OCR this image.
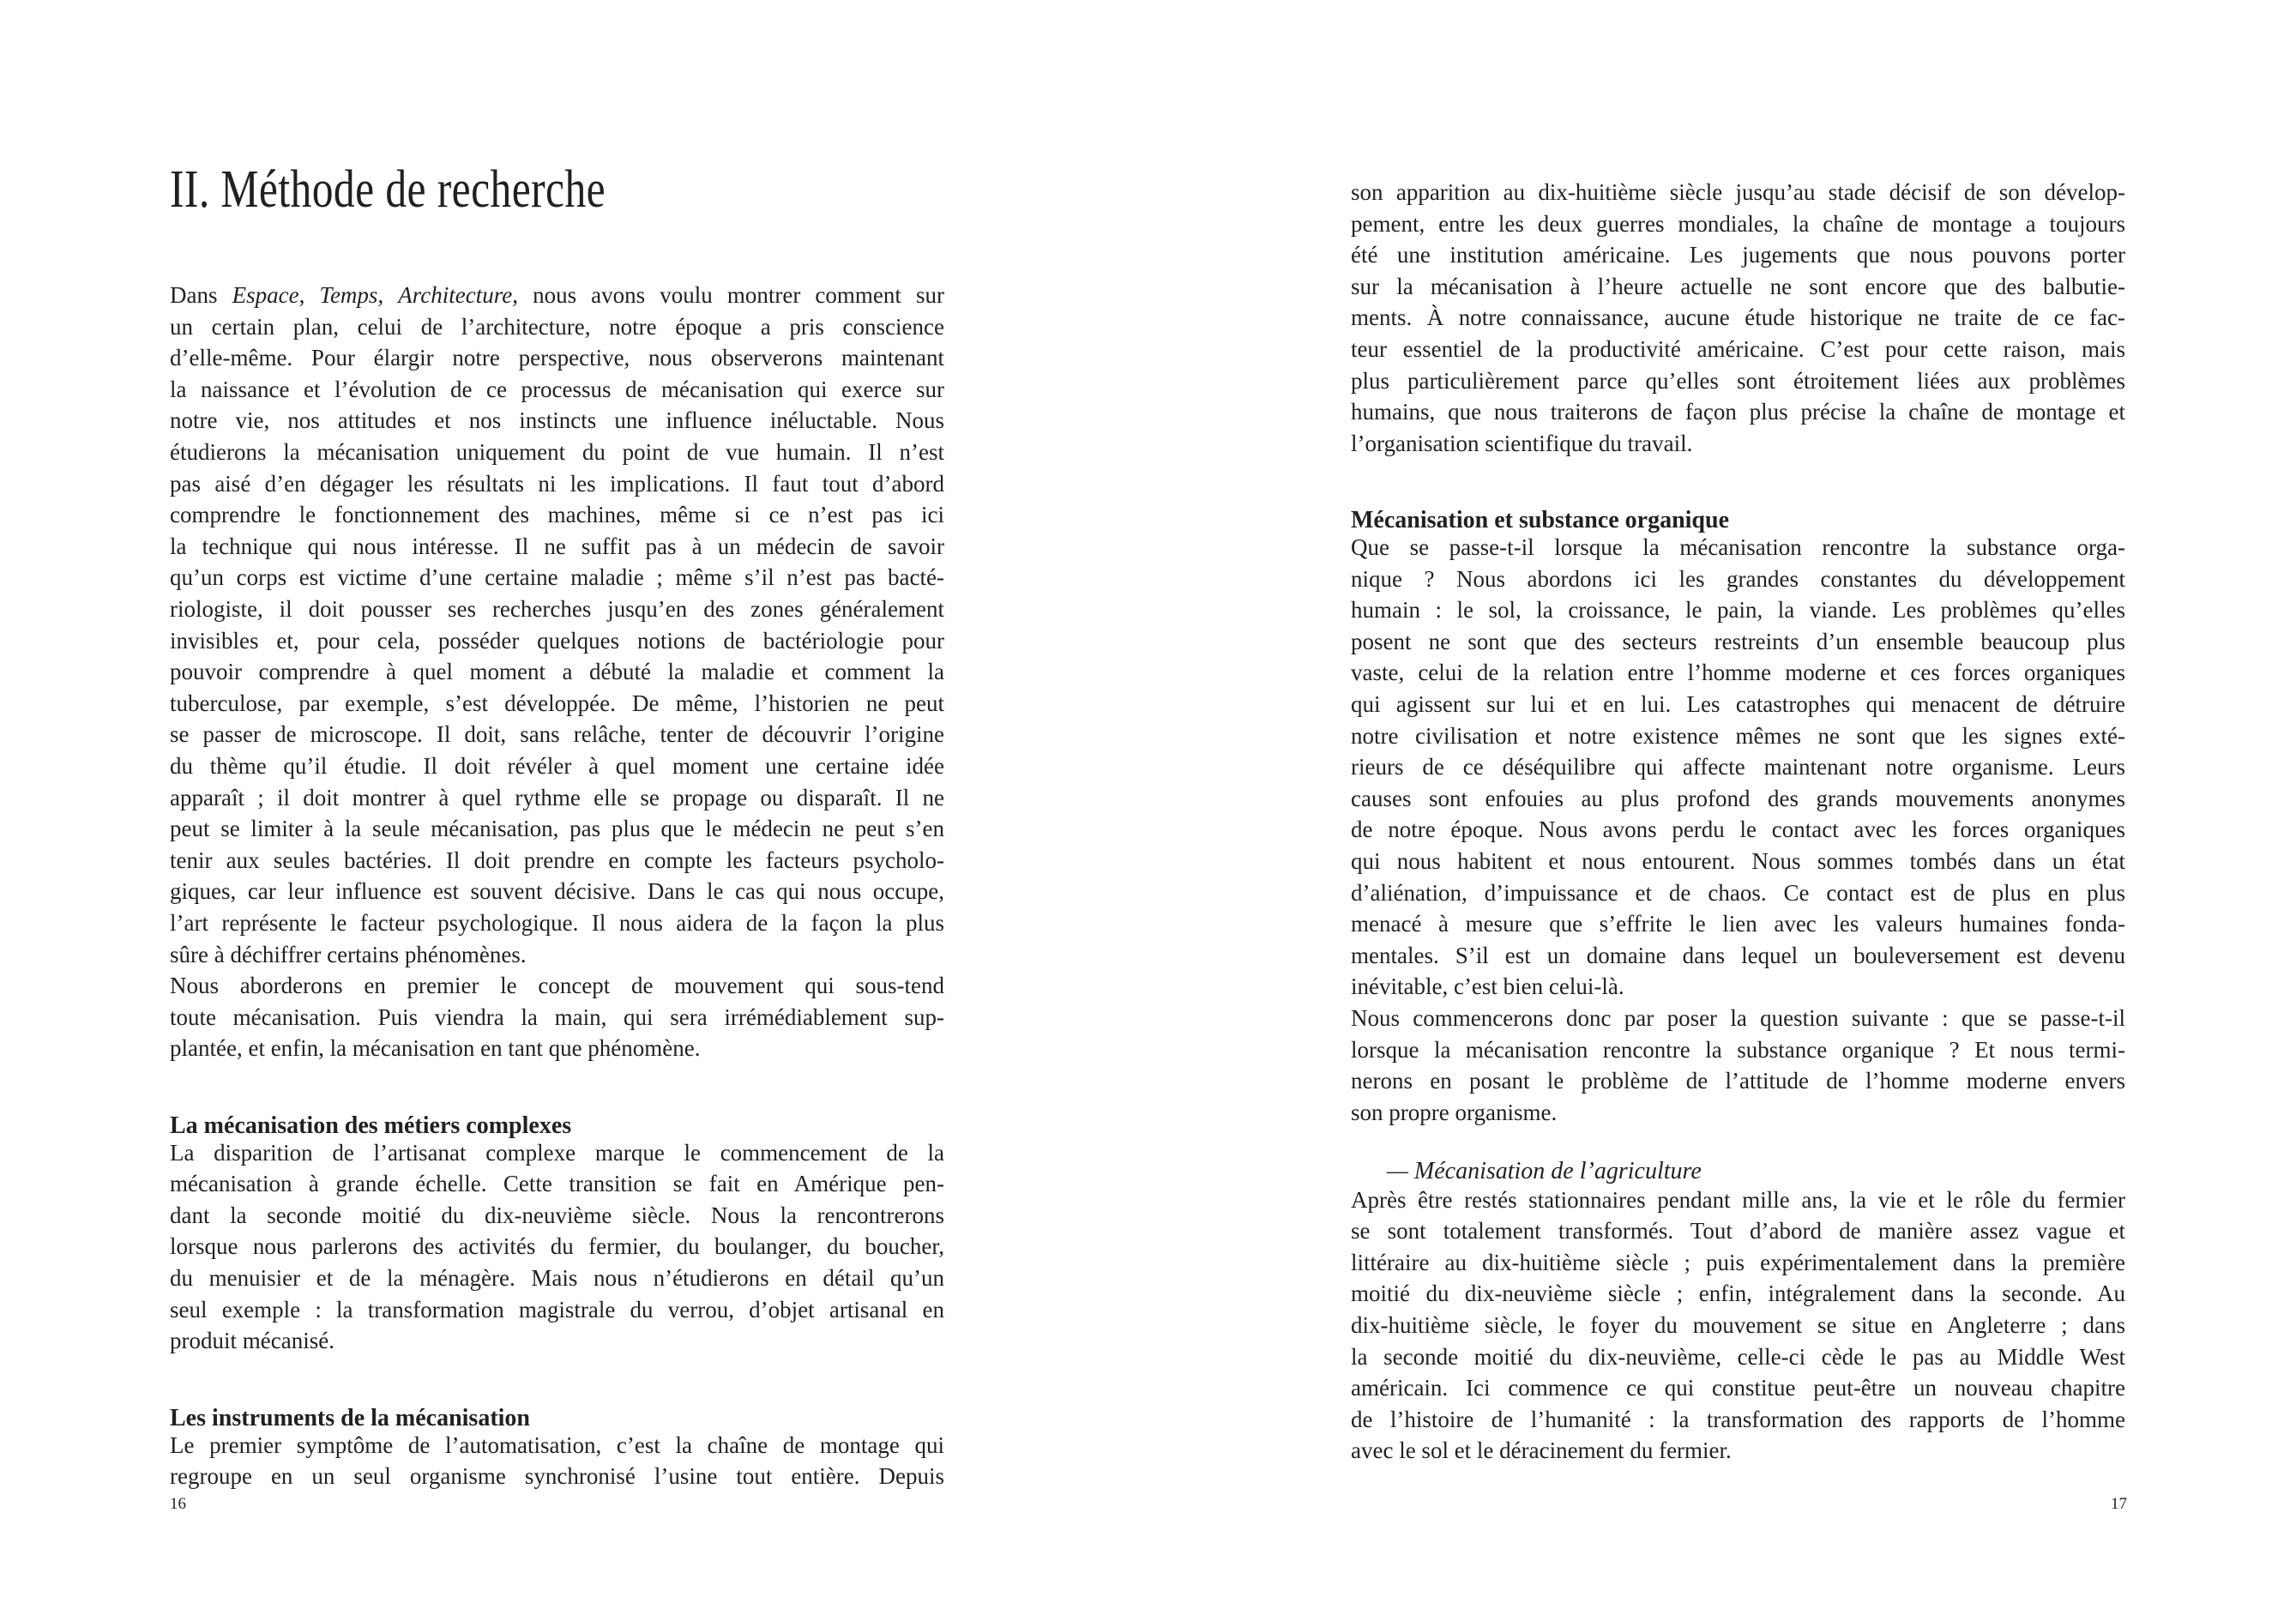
II. Méthode de recherche
Dans Espace, Temps, Architecture, nous avons voulu montrer comment sur
un certain plan, celui de l’architecture, notre époque a pris conscience
d’elle-même. Pour élargir notre perspective, nous observerons maintenant
la naissance et l’évolution de ce processus de mécanisation qui exerce sur
notre vie, nos attitudes et nos instincts une influence inéluctable. Nous
étudierons la mécanisation uniquement du point de vue humain. Il n’est
pas aisé d’en dégager les résultats ni les implications. Il faut tout d’abord
comprendre le fonctionnement des machines, même si ce n’est pas ici
la technique qui nous intéresse. Il ne suffit pas à un médecin de savoir
qu’un corps est victime d’une certaine maladie ; même s’il n’est pas bacté-
riologiste, il doit pousser ses recherches jusqu’en des zones généralement
invisibles et, pour cela, posséder quelques notions de bactériologie pour
pouvoir comprendre à quel moment a débuté la maladie et comment la
tuberculose, par exemple, s’est développée. De même, l’historien ne peut
se passer de microscope. Il doit, sans relâche, tenter de découvrir l’origine
du thème qu’il étudie. Il doit révéler à quel moment une certaine idée
apparaît ; il doit montrer à quel rythme elle se propage ou disparaît. Il ne
peut se limiter à la seule mécanisation, pas plus que le médecin ne peut s’en
tenir aux seules bactéries. Il doit prendre en compte les facteurs psycholo-
giques, car leur influence est souvent décisive. Dans le cas qui nous occupe,
l’art représente le facteur psychologique. Il nous aidera de la façon la plus
sûre à déchiffrer certains phénomènes.
Nous aborderons en premier le concept de mouvement qui sous-tend
toute mécanisation. Puis viendra la main, qui sera irrémédiablement sup-
plantée, et enfin, la mécanisation en tant que phénomène.
La mécanisation des métiers complexes
La disparition de l’artisanat complexe marque le commencement de la
mécanisation à grande échelle. Cette transition se fait en Amérique pen-
dant la seconde moitié du dix-neuvième siècle. Nous la rencontrerons
lorsque nous parlerons des activités du fermier, du boulanger, du boucher,
du menuisier et de la ménagère. Mais nous n’étudierons en détail qu’un
seul exemple : la transformation magistrale du verrou, d’objet artisanal en
produit mécanisé.
Les instruments de la mécanisation
Le premier symptôme de l’automatisation, c’est la chaîne de montage qui
regroupe en un seul organisme synchronisé l’usine tout entière. Depuis
16
son apparition au dix-huitième siècle jusqu’au stade décisif de son dévelop-
pement, entre les deux guerres mondiales, la chaîne de montage a toujours
été une institution américaine. Les jugements que nous pouvons porter
sur la mécanisation à l’heure actuelle ne sont encore que des balbutie-
ments. À notre connaissance, aucune étude historique ne traite de ce fac-
teur essentiel de la productivité américaine. C’est pour cette raison, mais
plus particulièrement parce qu’elles sont étroitement liées aux problèmes
humains, que nous traiterons de façon plus précise la chaîne de montage et
l’organisation scientifique du travail.
Mécanisation et substance organique
Que se passe-t-il lorsque la mécanisation rencontre la substance orga-
nique ? Nous abordons ici les grandes constantes du développement
humain : le sol, la croissance, le pain, la viande. Les problèmes qu’elles
posent ne sont que des secteurs restreints d’un ensemble beaucoup plus
vaste, celui de la relation entre l’homme moderne et ces forces organiques
qui agissent sur lui et en lui. Les catastrophes qui menacent de détruire
notre civilisation et notre existence mêmes ne sont que les signes exté-
rieurs de ce déséquilibre qui affecte maintenant notre organisme. Leurs
causes sont enfouies au plus profond des grands mouvements anonymes
de notre époque. Nous avons perdu le contact avec les forces organiques
qui nous habitent et nous entourent. Nous sommes tombés dans un état
d’aliénation, d’impuissance et de chaos. Ce contact est de plus en plus
menacé à mesure que s’effrite le lien avec les valeurs humaines fonda-
mentales. S’il est un domaine dans lequel un bouleversement est devenu
inévitable, c’est bien celui-là.
Nous commencerons donc par poser la question suivante : que se passe-t-il
lorsque la mécanisation rencontre la substance organique ? Et nous termi-
nerons en posant le problème de l’attitude de l’homme moderne envers
son propre organisme.
— Mécanisation de l’agriculture
Après être restés stationnaires pendant mille ans, la vie et le rôle du fermier
se sont totalement transformés. Tout d’abord de manière assez vague et
littéraire au dix-huitième siècle ; puis expérimentalement dans la première
moitié du dix-neuvième siècle ; enfin, intégralement dans la seconde. Au
dix-huitième siècle, le foyer du mouvement se situe en Angleterre ; dans
la seconde moitié du dix-neuvième, celle-ci cède le pas au Middle West
américain. Ici commence ce qui constitue peut-être un nouveau chapitre
de l’histoire de l’humanité : la transformation des rapports de l’homme
avec le sol et le déracinement du fermier.
17
